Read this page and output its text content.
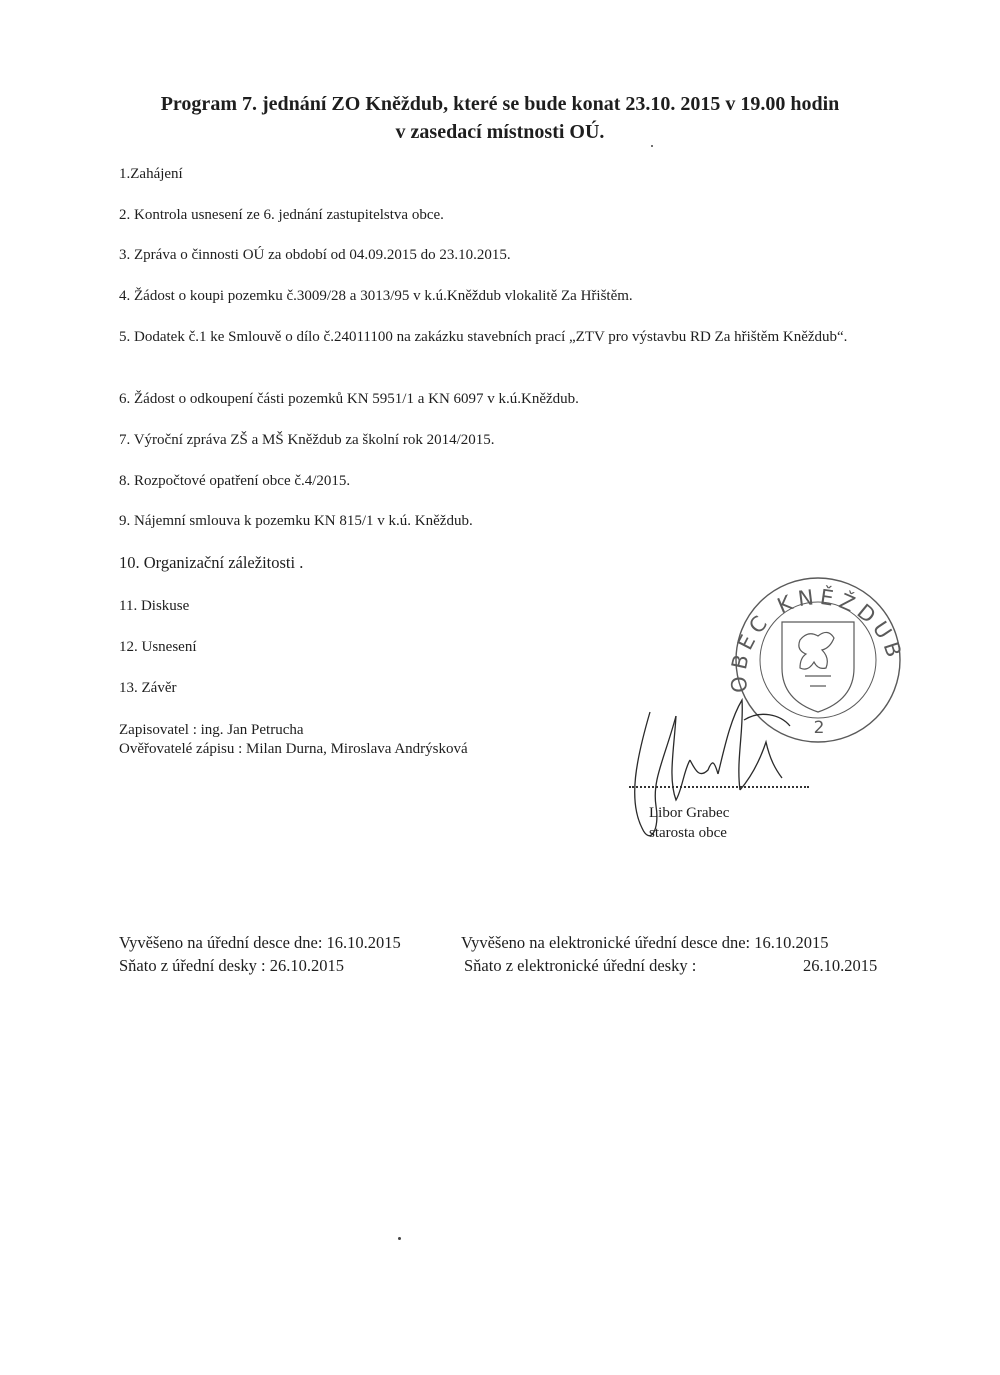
Program 7. jednání ZO Kněždub, které se bude konat 23.10. 2015 v 19.00 hodin
v zasedací místnosti OÚ.
1.Zahájení
2. Kontrola usnesení ze 6. jednání zastupitelstva obce.
3. Zpráva o činnosti OÚ za období od 04.09.2015 do 23.10.2015.
4. Žádost o koupi pozemku č.3009/28 a 3013/95 v k.ú.Kněždub vlokalitě Za Hřištěm.
5. Dodatek č.1 ke Smlouvě o dílo č.24011100 na zakázku stavebních prací „ZTV pro výstavbu RD Za hřištěm Kněždub“.
6. Žádost o odkoupení části pozemků KN 5951/1 a KN 6097 v k.ú.Kněždub.
7. Výroční zpráva ZŠ a MŠ Kněždub za školní rok 2014/2015.
8. Rozpočtové opatření obce č.4/2015.
9. Nájemní smlouva k pozemku KN 815/1 v k.ú. Kněždub.
10. Organizační záležitosti .
11. Diskuse
12. Usnesení
13. Závěr
Zapisovatel : ing. Jan Petrucha
Ověřovatelé zápisu : Milan Durna, Miroslava Andrýsková
OBEC KNĚŽDUB
2
Libor Grabec
starosta obce
Vyvěšeno na úřední desce dne: 16.10.2015	Vyvěšeno na elektronické úřední desce dne: 16.10.2015
Sňato z úřední desky : 26.10.2015	Sňato z elektronické úřední desky :	26.10.2015
